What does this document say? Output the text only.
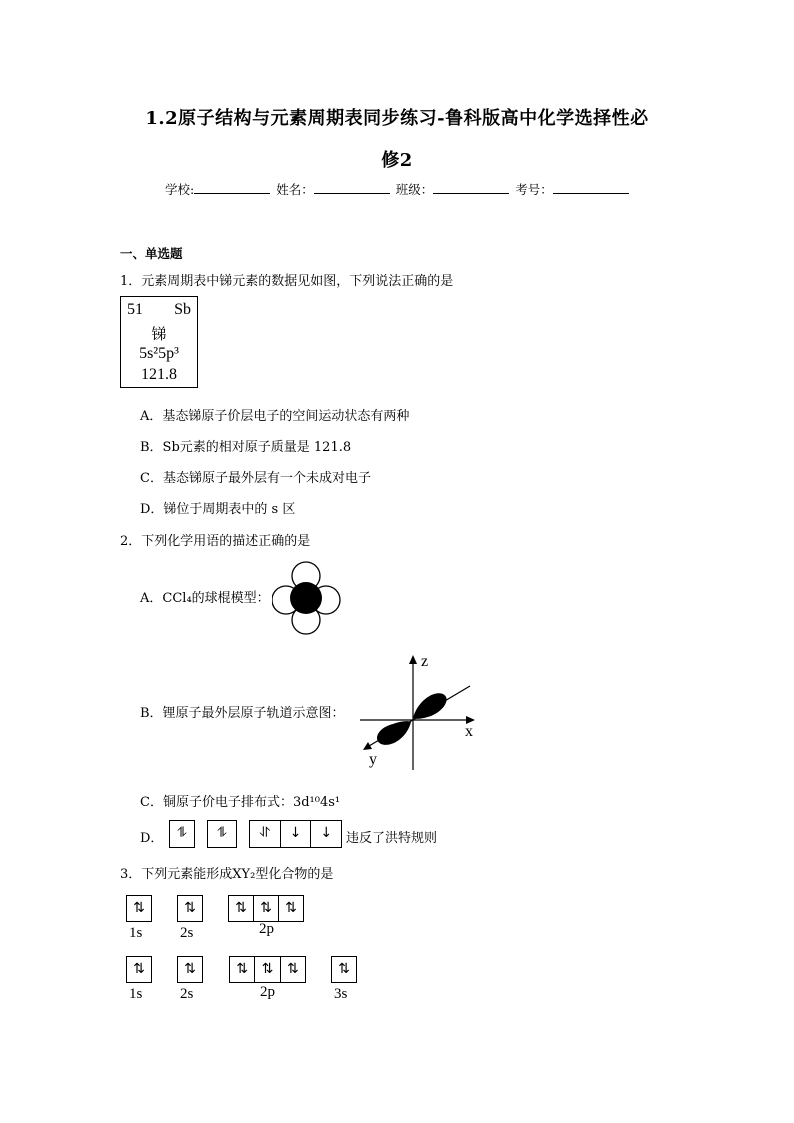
1.2原子结构与元素周期表同步练习-鲁科版高中化学选择性必
修2
学校:	姓名：	班级：	考号：
一、单选题
1．元素周期表中锑元素的数据见如图，下列说法正确的是
51 Sb
锑
5s²5p³
121.8
A．基态锑原子价层电子的空间运动状态有两种
B．Sb元素的相对原子质量是 121.8
C．基态锑原子最外层有一个未成对电子
D．锑位于周期表中的 s 区
2．下列化学用语的描述正确的是
A．CCl₄的球棍模型：
B．锂原子最外层原子轨道示意图：
z
x
y
C．铜原子价电子排布式：3d¹⁰4s¹
D． ⥮	⥮	⥯	↓	↓	违反了洪特规则
3．下列元素能形成XY₂型化合物的是
⇅	⇅	⇅ ⇅ ⇅
1s	2s	2p
⇅	⇅	⇅ ⇅ ⇅	⇅
1s	2s	2p	3s
